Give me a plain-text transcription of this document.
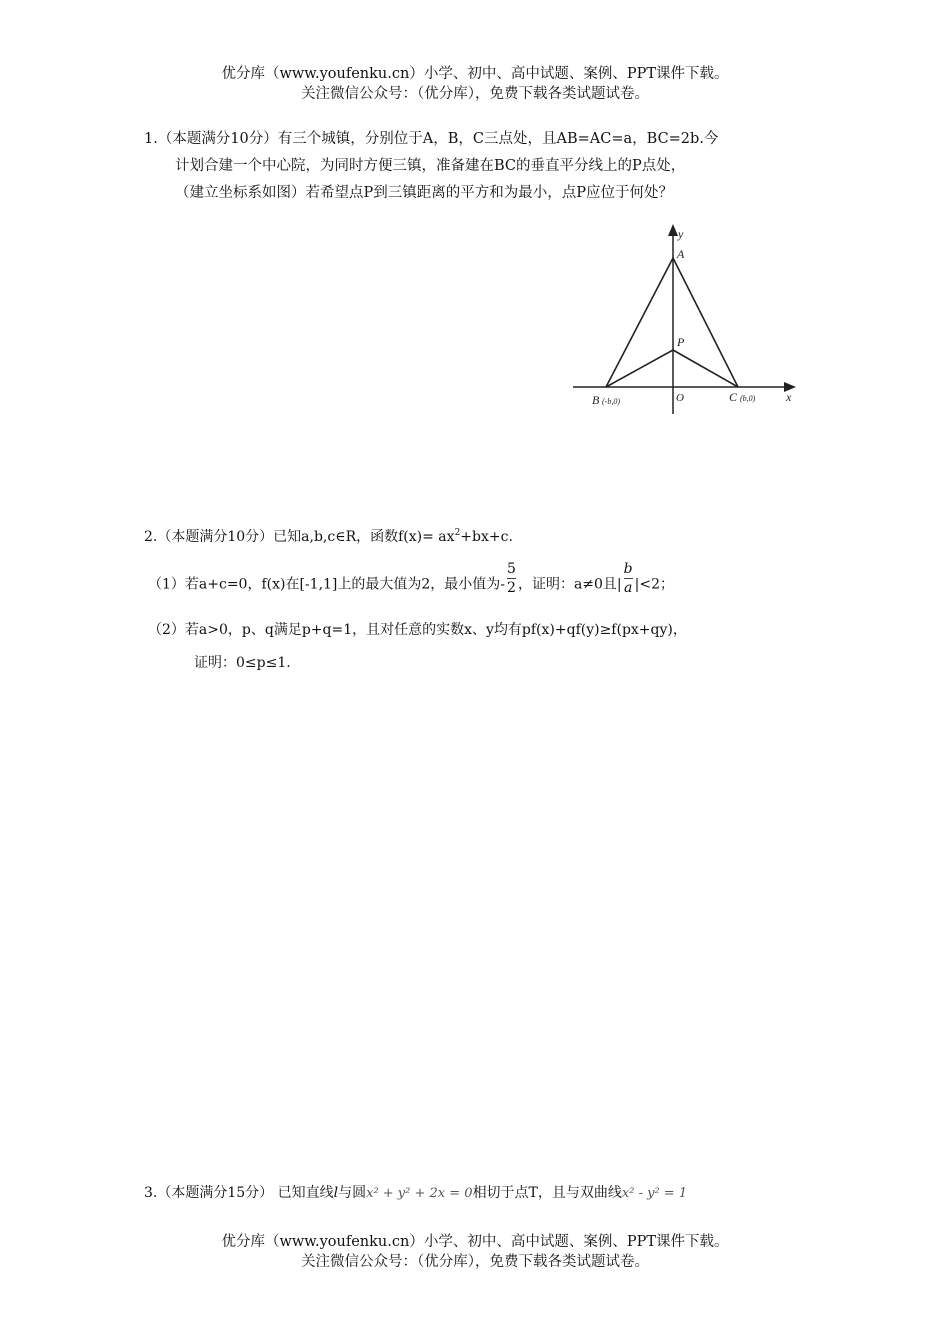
优分库（www.youfenku.cn）小学、初中、高中试题、案例、PPT课件下载。
关注微信公众号：（优分库），免费下载各类试题试卷。
1.（本题满分10分）有三个城镇，分别位于A，B，C三点处，且AB=AC=a，BC=2b.今
计划合建一个中心院，为同时方便三镇，准备建在BC的垂直平分线上的P点处，
（建立坐标系如图）若希望点P到三镇距离的平方和为最小，点P应位于何处？
y
A
P
B (-b,0)	O	C (b,0)	x
2.（本题满分10分）已知a,b,c∈R，函数$f(x)= ax^2+bx+c$.
（1）若a+c=0，f(x)在[-1,1]上的最大值为2，最小值为- $\frac{5}{2}$ ，证明：a≠0且| $\frac{b}{a} |<2$；
（2）若a>0，p、q满足p+q=1，且对任意的实数x、y均有pf(x)+qf(y)≥f(px+qy)，
证明：0≤p≤1.
3.（本题满分15分） 已知直线l与圆x² + y² + 2x = 0相切于点T，且与双曲线x² - y² = 1
优分库（www.youfenku.cn）小学、初中、高中试题、案例、PPT课件下载。
关注微信公众号：（优分库），免费下载各类试题试卷。
